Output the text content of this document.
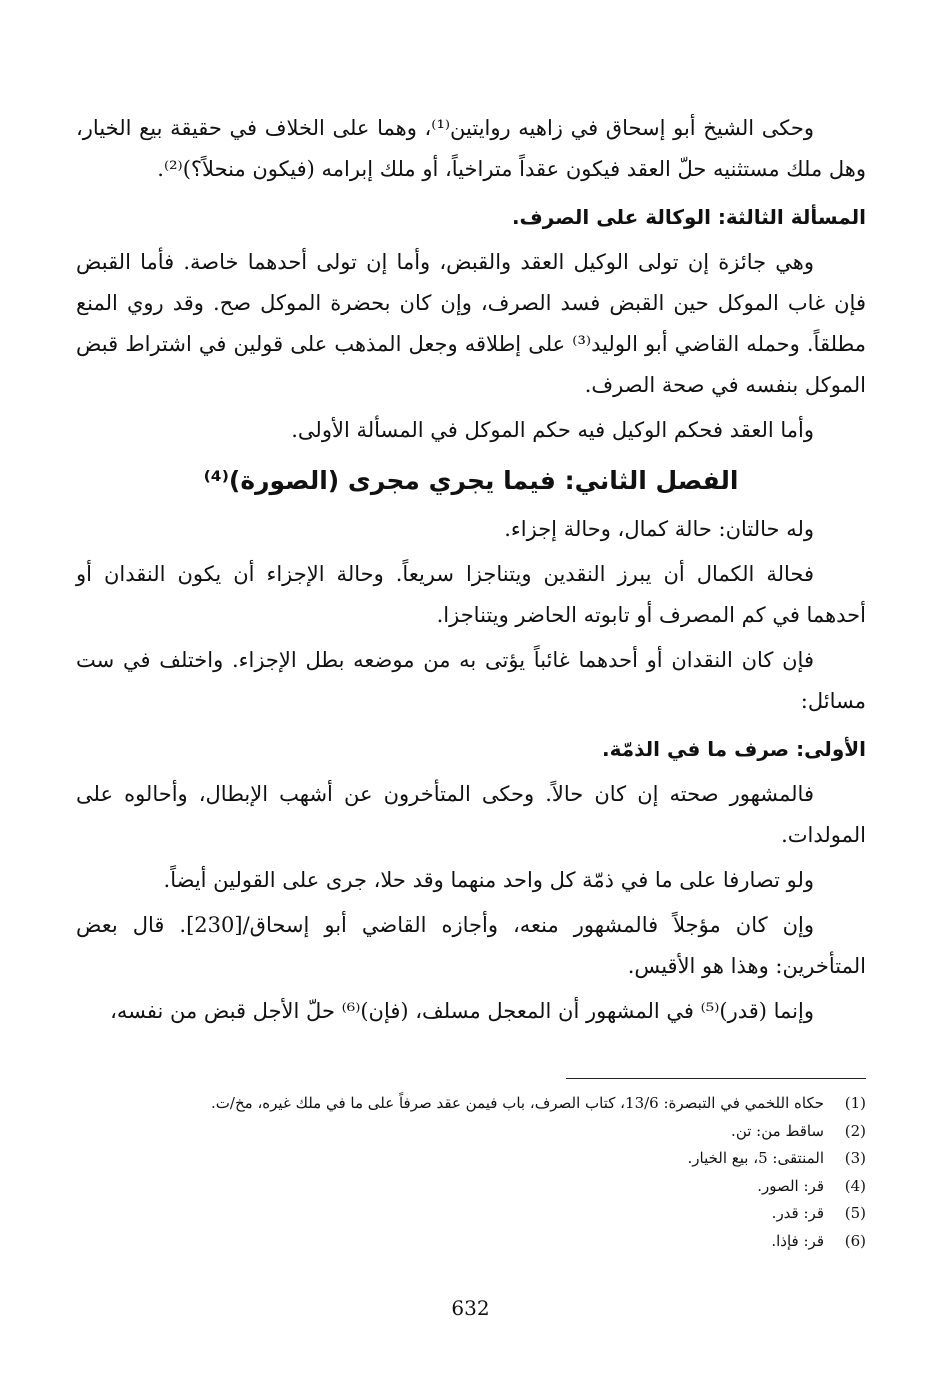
وحكى الشيخ أبو إسحاق في زاهيه روايتين⁽¹⁾، وهما على الخلاف في حقيقة بيع الخيار، وهل ملك مستثنيه حلّ العقد فيكون عقداً متراخياً، أو ملك إبرامه (فيكون منحلاً؟)⁽²⁾.

المسألة الثالثة: الوكالة على الصرف.

وهي جائزة إن تولى الوكيل العقد والقبض، وأما إن تولى أحدهما خاصة. فأما القبض فإن غاب الموكل حين القبض فسد الصرف، وإن كان بحضرة الموكل صح. وقد روي المنع مطلقاً. وحمله القاضي أبو الوليد⁽³⁾ على إطلاقه وجعل المذهب على قولين في اشتراط قبض الموكل بنفسه في صحة الصرف.

وأما العقد فحكم الوكيل فيه حكم الموكل في المسألة الأولى.

الفصل الثاني: فيما يجري مجرى (الصورة)⁽⁴⁾

وله حالتان: حالة كمال، وحالة إجزاء.

فحالة الكمال أن يبرز النقدين ويتناجزا سريعاً. وحالة الإجزاء أن يكون النقدان أو أحدهما في كم المصرف أو تابوته الحاضر ويتناجزا.

فإن كان النقدان أو أحدهما غائباً يؤتى به من موضعه بطل الإجزاء. واختلف في ست مسائل:

الأولى: صرف ما في الذمّة.

فالمشهور صحته إن كان حالاً. وحكى المتأخرون عن أشهب الإبطال، وأحالوه على المولدات.

ولو تصارفا على ما في ذمّة كل واحد منهما وقد حلا، جرى على القولين أيضاً.

وإن كان مؤجلاً فالمشهور منعه، وأجازه القاضي أبو إسحاق/[230]. قال بعض المتأخرين: وهذا هو الأقيس.

وإنما (قدر)⁽⁵⁾ في المشهور أن المعجل مسلف، (فإن)⁽⁶⁾ حلّ الأجل قبض من نفسه،

(1)
حكاه اللخمي في التبصرة: 13/6، كتاب الصرف، باب فيمن عقد صرفاً على ما في ملك غيره، مخ/ت.
(2)
ساقط من: تن.
(3)
المنتقى: 5، بيع الخيار.
(4)
قر: الصور.
(5)
قر: قدر.
(6)
قر: فإذا.
632
